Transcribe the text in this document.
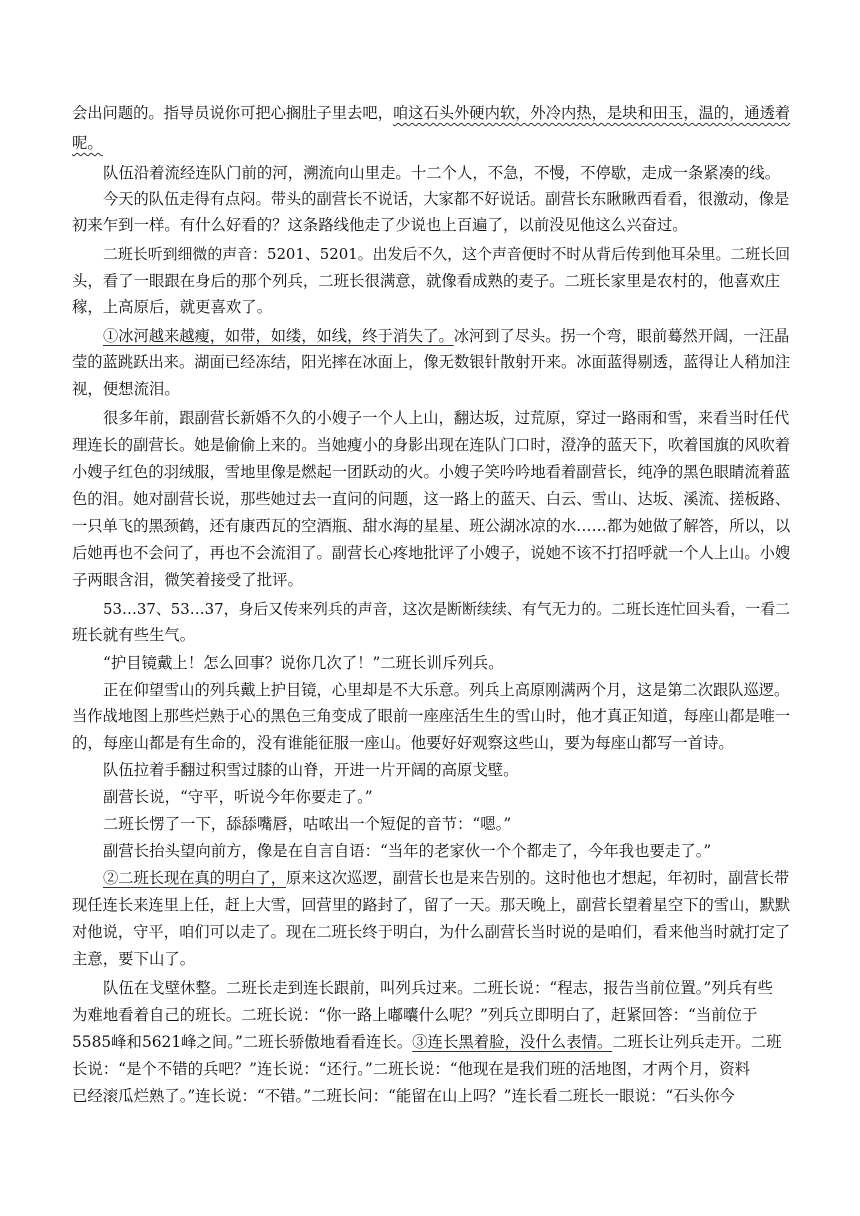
会出问题的。指导员说你可把心搁肚子里去吧，咱这石头外硬内软，外冷内热，是块和田玉，温的，通透着
呢。
队伍沿着流经连队门前的河，溯流向山里走。十二个人，不急，不慢，不停歇，走成一条紧凑的线。
今天的队伍走得有点闷。带头的副营长不说话，大家都不好说话。副营长东瞅瞅西看看，很激动，像是
初来乍到一样。有什么好看的？这条路线他走了少说也上百遍了，以前没见他这么兴奋过。
二班长听到细微的声音：5201、5201。出发后不久，这个声音便时不时从背后传到他耳朵里。二班长回
头，看了一眼跟在身后的那个列兵，二班长很满意，就像看成熟的麦子。二班长家里是农村的，他喜欢庄
稼，上高原后，就更喜欢了。
①冰河越来越瘦，如带，如缕，如线，终于消失了。冰河到了尽头。拐一个弯，眼前蓦然开阔，一汪晶
莹的蓝跳跃出来。湖面已经冻结，阳光摔在冰面上，像无数银针散射开来。冰面蓝得剔透，蓝得让人稍加注
视，便想流泪。
很多年前，跟副营长新婚不久的小嫂子一个人上山，翻达坂，过荒原，穿过一路雨和雪，来看当时任代
理连长的副营长。她是偷偷上来的。当她瘦小的身影出现在连队门口时，澄净的蓝天下，吹着国旗的风吹着
小嫂子红色的羽绒服，雪地里像是燃起一团跃动的火。小嫂子笑吟吟地看着副营长，纯净的黑色眼睛流着蓝
色的泪。她对副营长说，那些她过去一直问的问题，这一路上的蓝天、白云、雪山、达坂、溪流、搓板路、
一只单飞的黑颈鹤，还有康西瓦的空酒瓶、甜水海的星星、班公湖冰凉的水……都为她做了解答，所以，以
后她再也不会问了，再也不会流泪了。副营长心疼地批评了小嫂子，说她不该不打招呼就一个人上山。小嫂
子两眼含泪，微笑着接受了批评。
53…37、53…37，身后又传来列兵的声音，这次是断断续续、有气无力的。二班长连忙回头看，一看二
班长就有些生气。
“护目镜戴上！怎么回事？说你几次了！”二班长训斥列兵。
正在仰望雪山的列兵戴上护目镜，心里却是不大乐意。列兵上高原刚满两个月，这是第二次跟队巡逻。
当作战地图上那些烂熟于心的黑色三角变成了眼前一座座活生生的雪山时，他才真正知道，每座山都是唯一
的，每座山都是有生命的，没有谁能征服一座山。他要好好观察这些山，要为每座山都写一首诗。
队伍拉着手翻过积雪过膝的山脊，开进一片开阔的高原戈壁。
副营长说，“守平，听说今年你要走了。”
二班长愣了一下，舔舔嘴唇，咕哝出一个短促的音节：“嗯。”
副营长抬头望向前方，像是在自言自语：“当年的老家伙一个个都走了，今年我也要走了。”
②二班长现在真的明白了，原来这次巡逻，副营长也是来告别的。这时他也才想起，年初时，副营长带
现任连长来连里上任，赶上大雪，回营里的路封了，留了一天。那天晚上，副营长望着星空下的雪山，默默
对他说，守平，咱们可以走了。现在二班长终于明白，为什么副营长当时说的是咱们，看来他当时就打定了
主意，要下山了。
队伍在戈壁休整。二班长走到连长跟前，叫列兵过来。二班长说：“程志，报告当前位置。”列兵有些
为难地看着自己的班长。二班长说：“你一路上嘟囔什么呢？”列兵立即明白了，赶紧回答：“当前位于
5585峰和5621峰之间。”二班长骄傲地看看连长。③连长黑着脸，没什么表情。二班长让列兵走开。二班
长说：“是个不错的兵吧？”连长说：“还行。”二班长说：“他现在是我们班的活地图，才两个月，资料
已经滚瓜烂熟了。”连长说：“不错。”二班长问：“能留在山上吗？”连长看二班长一眼说：“石头你今
